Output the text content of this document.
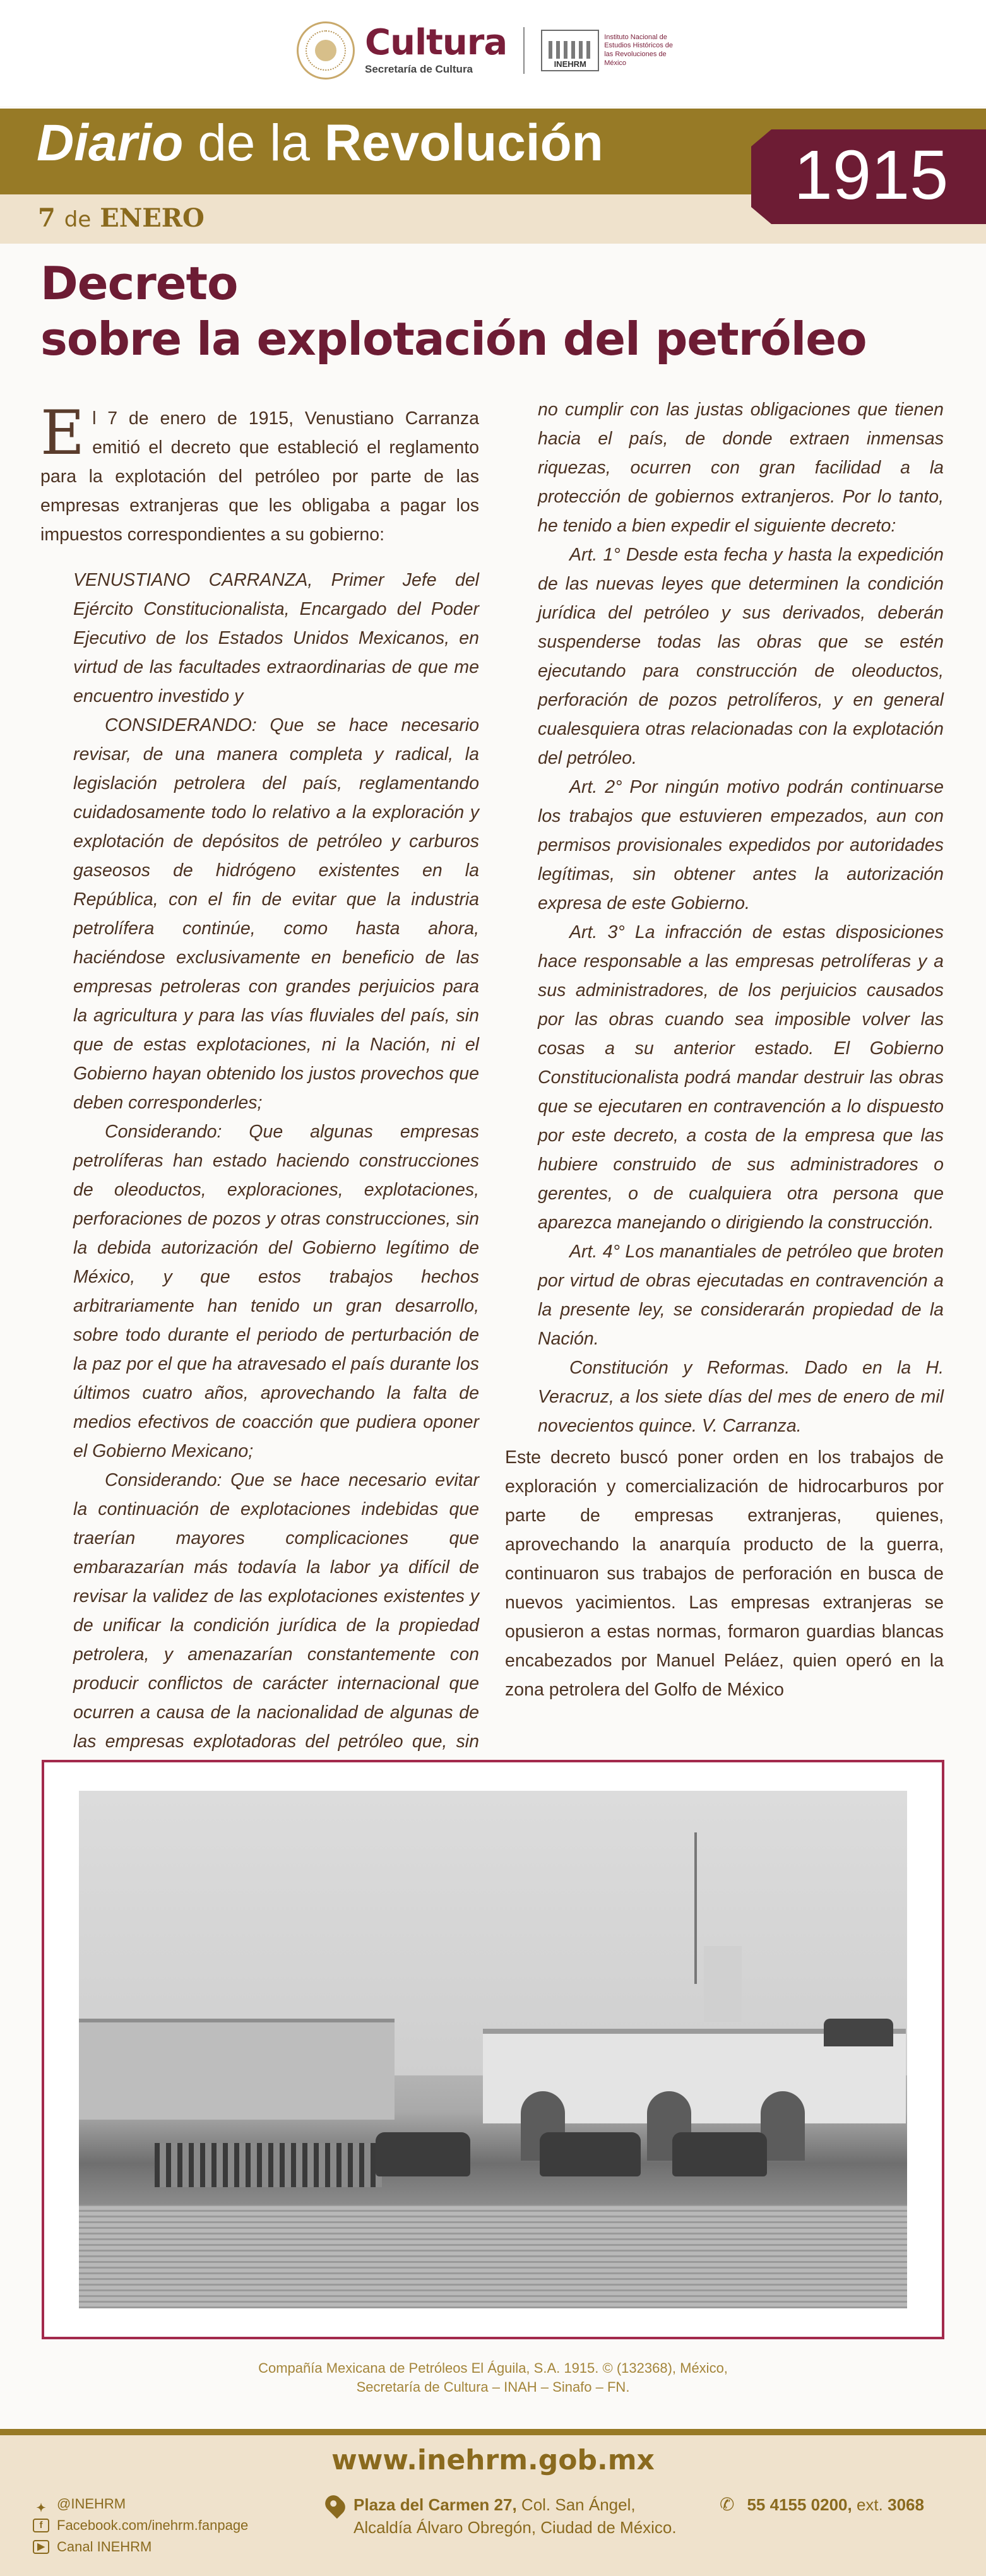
Cultura
Secretaría de Cultura	INEHRM
Instituto Nacional de Estudios Históricos de las Revoluciones de México
Diario de la Revolución
7 de ENERO
1915
Decreto
sobre la explotación del petróleo

El 7 de enero de 1915, Venustiano Carranza emitió el decreto que estableció el reglamento para la explotación del petróleo por parte de las empresas extranjeras que les obligaba a pagar los impuestos correspondientes a su gobierno:

VENUSTIANO CARRANZA, Primer Jefe del Ejército Constitucionalista, Encargado del Poder Ejecutivo de los Estados Unidos Mexicanos, en virtud de las facultades extraordinarias de que me encuentro investido y

CONSIDERANDO: Que se hace necesario revisar, de una manera completa y radical, la legislación petrolera del país, reglamentando cuidadosamente todo lo relativo a la exploración y explotación de depósitos de petróleo y carburos gaseosos de hidrógeno existentes en la República, con el fin de evitar que la industria petrolífera continúe, como hasta ahora, haciéndose exclusivamente en beneficio de las empresas petroleras con grandes perjuicios para la agricultura y para las vías fluviales del país, sin que de estas explotaciones, ni la Nación, ni el Gobierno hayan obtenido los justos provechos que deben corresponderles;

Considerando: Que algunas empresas petrolíferas han estado haciendo construcciones de oleoductos, exploraciones, explotaciones, perforaciones de pozos y otras construcciones, sin la debida autorización del Gobierno legítimo de México, y que estos trabajos hechos arbitrariamente han tenido un gran desarrollo, sobre todo durante el periodo de perturbación de la paz por el que ha atravesado el país durante los últimos cuatro años, aprovechando la falta de medios efectivos de coacción que pudiera oponer el Gobierno Mexicano;

Considerando: Que se hace necesario evitar la continuación de explotaciones indebidas que traerían mayores complicaciones que embarazarían más todavía la labor ya difícil de revisar la validez de las explotaciones existentes y de unificar la condición jurídica de la propiedad petrolera, y amenazarían constantemente con producir conflictos de carácter internacional que ocurren a causa de la nacionalidad de algunas de las empresas explotadoras del petróleo que, sin

no cumplir con las justas obligaciones que tienen hacia el país, de donde extraen inmensas riquezas, ocurren con gran facilidad a la protección de gobiernos extranjeros. Por lo tanto, he tenido a bien expedir el siguiente decreto:

Art. 1° Desde esta fecha y hasta la expedición de las nuevas leyes que determinen la condición jurídica del petróleo y sus derivados, deberán suspenderse todas las obras que se estén ejecutando para construcción de oleoductos, perforación de pozos petrolíferos, y en general cualesquiera otras relacionadas con la explotación del petróleo.

Art. 2° Por ningún motivo podrán continuarse los trabajos que estuvieren empezados, aun con permisos provisionales expedidos por autoridades legítimas, sin obtener antes la autorización expresa de este Gobierno.

Art. 3° La infracción de estas disposiciones hace responsable a las empresas petrolíferas y a sus administradores, de los perjuicios causados por las obras cuando sea imposible volver las cosas a su anterior estado. El Gobierno Constitucionalista podrá mandar destruir las obras que se ejecutaren en contravención a lo dispuesto por este decreto, a costa de la empresa que las hubiere construido de sus administradores o gerentes, o de cualquiera otra persona que aparezca manejando o dirigiendo la construcción.

Art. 4° Los manantiales de petróleo que broten por virtud de obras ejecutadas en contravención a la presente ley, se considerarán propiedad de la Nación.

Constitución y Reformas. Dado en la H. Veracruz, a los siete días del mes de enero de mil novecientos quince. V. Carranza.

Este decreto buscó poner orden en los trabajos de exploración y comercialización de hidrocarburos por parte de empresas extranjeras, quienes, aprovechando la anarquía producto de la guerra, continuaron sus trabajos de perforación en busca de nuevos yacimientos. Las empresas extranjeras se opusieron a estas normas, formaron guardias blancas encabezados por Manuel Peláez, quien operó en la zona petrolera del Golfo de México

Compañía Mexicana de Petróleos El Águila, S.A. 1915. © (132368), México,
Secretaría de Cultura – INAH – Sinafo – FN.
www.inehrm.gob.mx
✦ @INEHRM
f	Facebook.com/inehrm.fanpage
▶ Canal INEHRM
Plaza del Carmen 27, Col. San Ángel,
Alcaldía Álvaro Obregón, Ciudad de México.
✆ 55 4155 0200, ext. 3068
